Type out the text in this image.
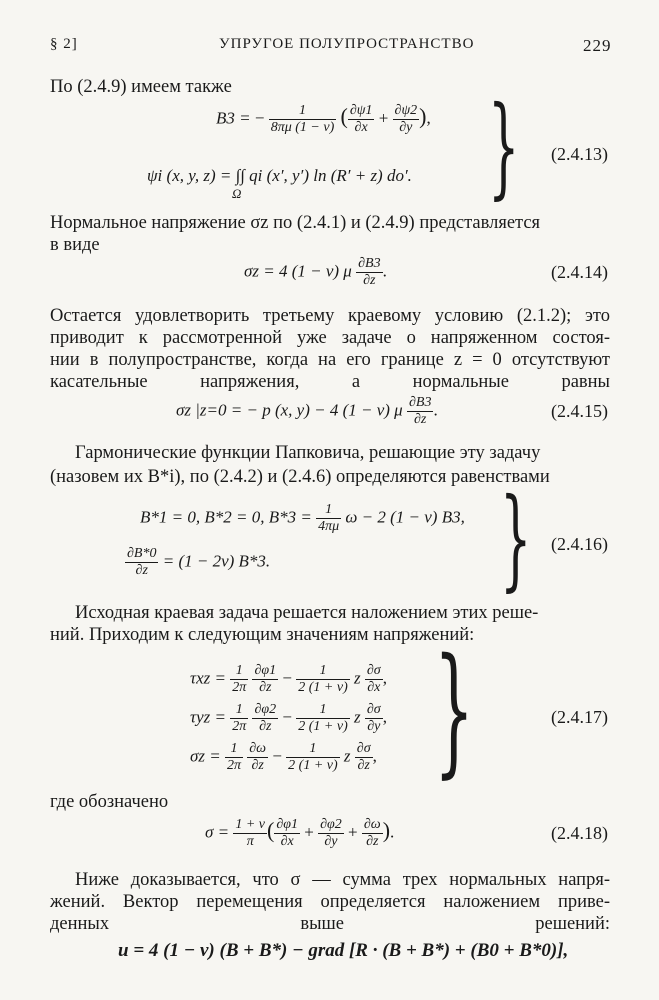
§ 2]	УПРУГОЕ ПОЛУПРОСТРАНСТВО	229
По (2.4.9) имеем также
B3 = − $\frac{1}{8\pi\mu (1 - \nu)}$ ( $\frac{\partial\psi 1}{\partial x} + \frac{\partial\psi 2}{\partial y}$ ),
ψi (x, y, z) = ∫∫ qi (x′, y′) ln (R′ + z) do′.
Ω } (2.4.13)
Нормальное напряжение σz по (2.4.1) и (2.4.9) представляется
в виде
σz = 4 (1 − ν) μ $\frac{\partial B3}{\partial z}$ .	(2.4.14)
Остается удовлетворить третьему краевому условию (2.1.2); это
приводит к рассмотренной уже задаче о напряженном состоя-
нии в полупространстве, когда на его границе z = 0 отсутствуют
касательные напряжения, а нормальные равны
σz |z=0 = − p (x, y) − 4 (1 − ν) μ $\frac{\partial B3}{\partial z}$ .	(2.4.15)
Гармонические функции Папковича, решающие эту задачу
(назовем их B*i), по (2.4.2) и (2.4.6) определяются равенствами
B*1 = 0, B*2 = 0, $B*3 = \frac{1}{4\pi\mu}$ ω − 2 (1 − ν) B3,
$\frac{\partial B*0}{\partial z} = (1 - 2\nu)$ B*3. } (2.4.16)
Исходная краевая задача решается наложением этих реше-
ний. Приходим к следующим значениям напряжений:
$\tau xz = \frac{1}{2\pi}$
$\frac{\partial\varphi 1}{\partial z} - \frac{1}{2 (1 + \nu)}$ z $\frac{\partial\sigma}{\partial x}$ ,
$\tau yz = \frac{1}{2\pi}$
$\frac{\partial\varphi 2}{\partial z} - \frac{1}{2 (1 + \nu)}$ z $\frac{\partial\sigma}{\partial y}$ ,
$\sigma z = \frac{1}{2\pi}$
$\frac{\partial\omega}{\partial z} - \frac{1}{2 (1 + \nu)}$ z $\frac{\partial\sigma}{\partial z}$ , }	(2.4.17)
где обозначено
$\sigma = \frac{1 + \nu}{\pi}$ ( $\frac{\partial\varphi 1}{\partial x} + \frac{\partial\varphi 2}{\partial y} + \frac{\partial\omega}{\partial z}$ ).	(2.4.18)
Ниже доказывается, что σ — сумма трех нормальных напря-
жений. Вектор перемещения определяется наложением приве-
денных выше решений:
u = 4 (1 − ν) (B + B*) − grad [R · (B + B*) + (B0 + B*0)],
